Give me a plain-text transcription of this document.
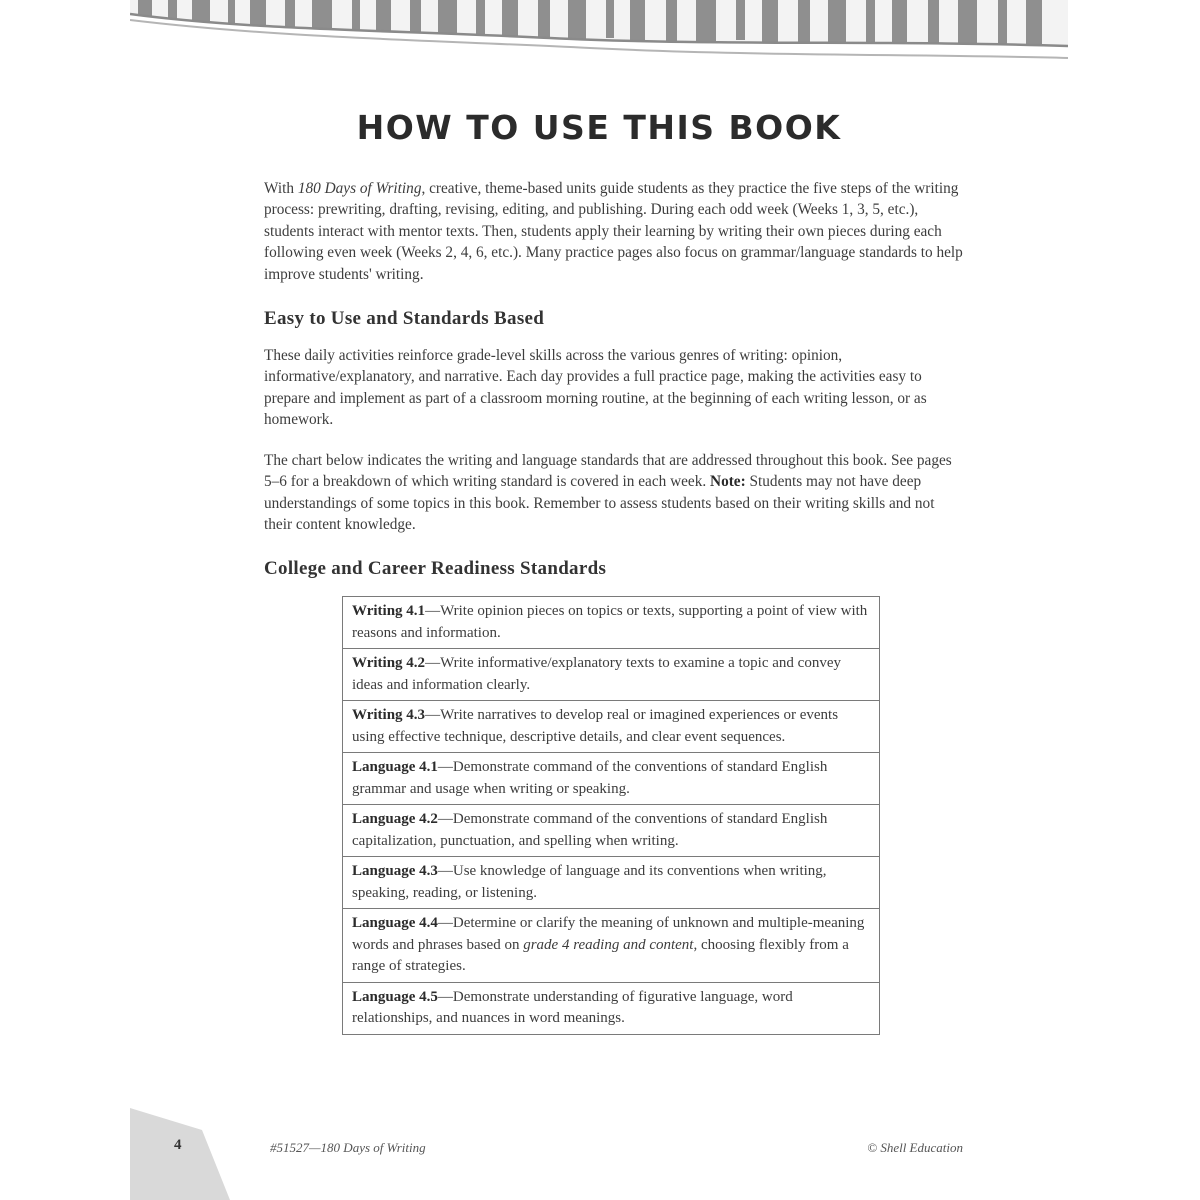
HOW TO USE THIS BOOK

With 180 Days of Writing, creative, theme-based units guide students as they practice the five steps of the writing process: prewriting, drafting, revising, editing, and publishing. During each odd week (Weeks 1, 3, 5, etc.), students interact with mentor texts. Then, students apply their learning by writing their own pieces during each following even week (Weeks 2, 4, 6, etc.). Many practice pages also focus on grammar/language standards to help improve students' writing.

Easy to Use and Standards Based

These daily activities reinforce grade-level skills across the various genres of writing: opinion, informative/explanatory, and narrative. Each day provides a full practice page, making the activities easy to prepare and implement as part of a classroom morning routine, at the beginning of each writing lesson, or as homework.

The chart below indicates the writing and language standards that are addressed throughout this book. See pages 5–6 for a breakdown of which writing standard is covered in each week. Note: Students may not have deep understandings of some topics in this book. Remember to assess students based on their writing skills and not their content knowledge.

College and Career Readiness Standards
Writing 4.1—Write opinion pieces on topics or texts, supporting a point of view with reasons and information.
Writing 4.2—Write informative/explanatory texts to examine a topic and convey ideas and information clearly.
Writing 4.3—Write narratives to develop real or imagined experiences or events using effective technique, descriptive details, and clear event sequences.
Language 4.1—Demonstrate command of the conventions of standard English grammar and usage when writing or speaking.
Language 4.2—Demonstrate command of the conventions of standard English capitalization, punctuation, and spelling when writing.
Language 4.3—Use knowledge of language and its conventions when writing, speaking, reading, or listening.
Language 4.4—Determine or clarify the meaning of unknown and multiple-meaning words and phrases based on grade 4 reading and content, choosing flexibly from a range of strategies.
Language 4.5—Demonstrate understanding of figurative language, word relationships, and nuances in word meanings.
4	#51527—180 Days of Writing	© Shell Education
